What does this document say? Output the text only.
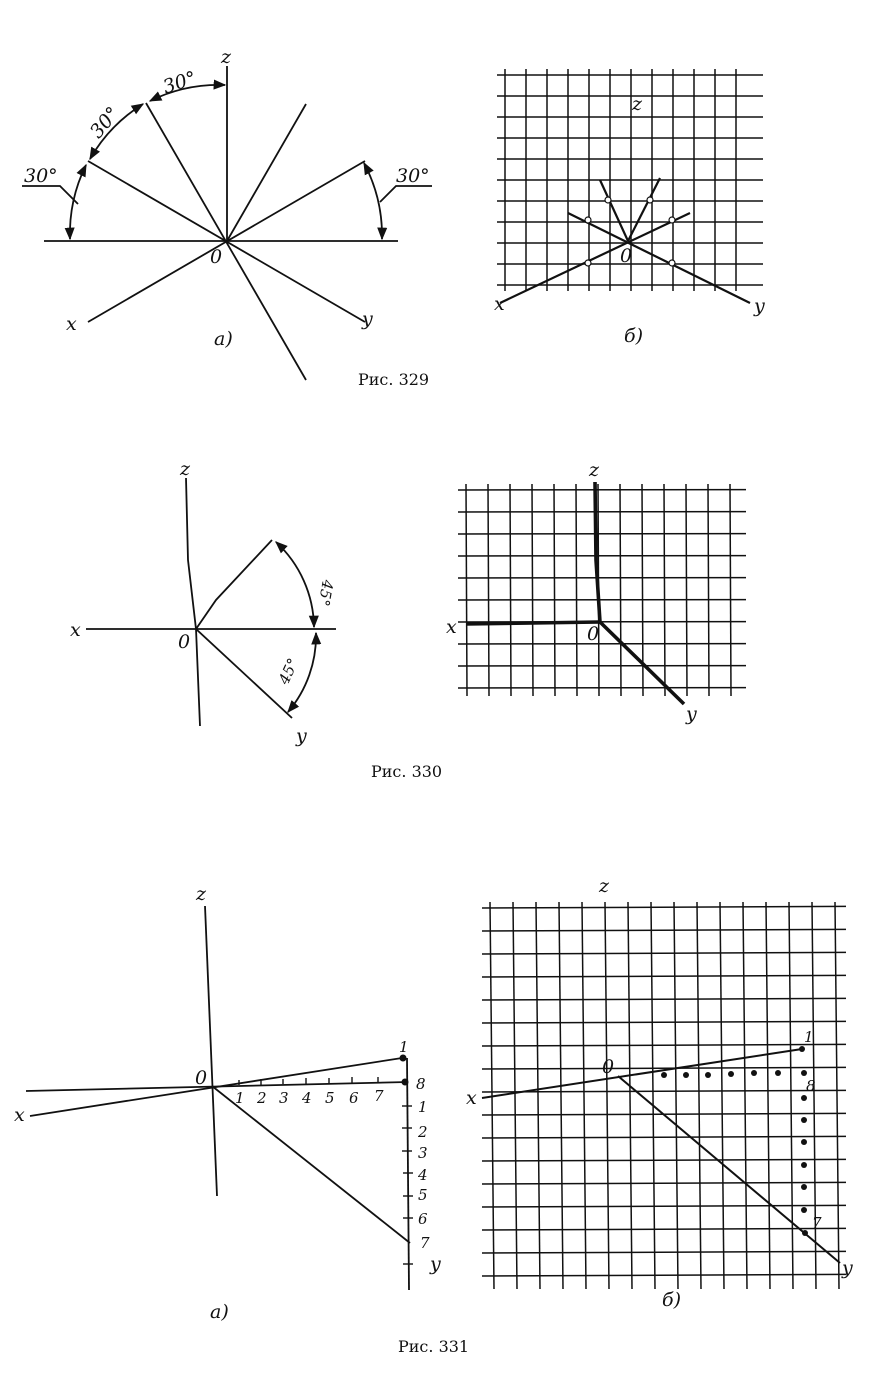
z
x	y
0
30°
30°
30°
30°
а)
z
x	y
0
б)
Рис. 329
z
x
y
0
45°
45°
z
x
y
0
Рис. 330
z
x
y
0
1
8
1 2 3 4 5 6 7
1
2
3
4
5
6
7
а)
z
x
y
0
1
8
7
б)
Рис. 331
